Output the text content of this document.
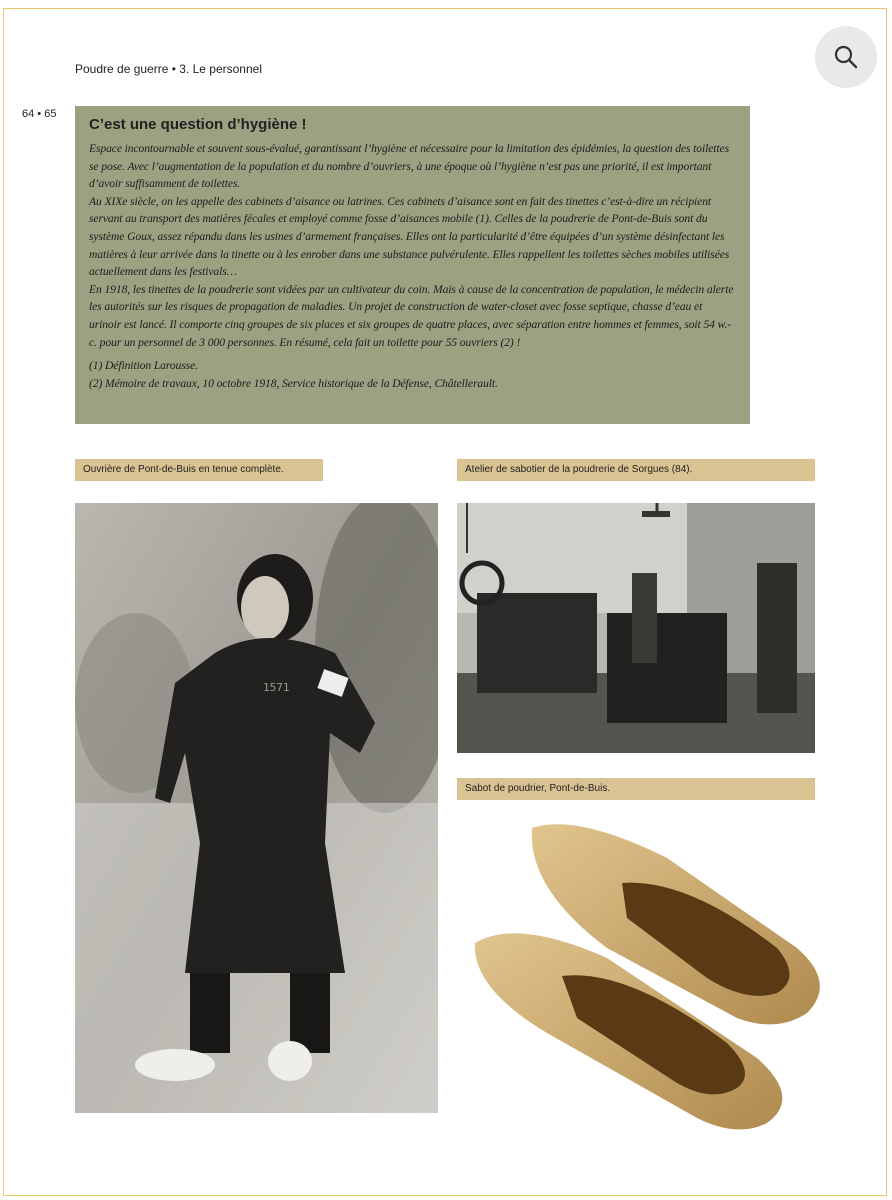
Poudre de guerre • 3. Le personnel
64 • 65
C’est une question d’hygiène !

Espace incontournable et souvent sous-évalué, garantissant l’hygiène et nécessaire pour la limitation des épidémies, la question des toilettes se pose. Avec l’augmentation de la population et du nombre d’ouvriers, à une époque où l’hygiène n’est pas une priorité, il est important d’avoir suffisamment de toilettes.

Au XIXe siècle, on les appelle des cabinets d’aisance ou latrines. Ces cabinets d’aisance sont en fait des tinettes c’est-à-dire un récipient servant au transport des matières fécales et employé comme fosse d’aisances mobile (1). Celles de la poudrerie de Pont-de-Buis sont du système Goux, assez répandu dans les usines d’armement françaises. Elles ont la particularité d’être équipées d’un système désinfectant les matières à leur arrivée dans la tinette ou à les enrober dans une substance pulvérulente. Elles rappellent les toilettes sèches mobiles utilisées actuellement dans les festivals…

En 1918, les tinettes de la poudrerie sont vidées par un cultivateur du coin. Mais à cause de la concentration de population, le médecin alerte les autorités sur les risques de propagation de maladies. Un projet de construction de water-closet avec fosse septique, chasse d’eau et urinoir est lancé. Il comporte cinq groupes de six places et six groupes de quatre places, avec séparation entre hommes et femmes, soit 54 w.-c. pour un personnel de 3 000 personnes. En résumé, cela fait un toilette pour 55 ouvriers (2) !

(1) Définition Larousse.

(2) Mémoire de travaux, 10 octobre 1918, Service historique de la Défense, Châtellerault.

Ouvrière de Pont-de-Buis en tenue complète.	Atelier de sabotier de la poudrerie de Sorgues (84).
Sabot de poudrier, Pont-de-Buis.
1571
